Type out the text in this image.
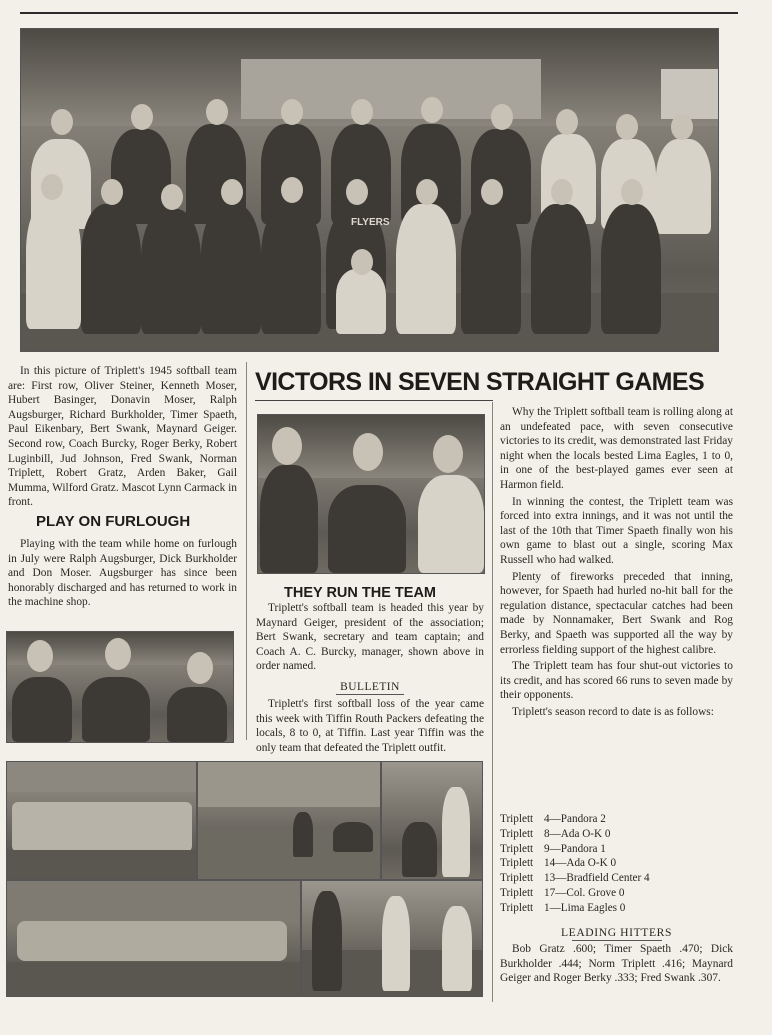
FLYERS

In this picture of Triplett's 1945 softball team are: First row, Oliver Steiner, Kenneth Moser, Hubert Basinger, Donavin Moser, Ralph Augsburger, Richard Burkholder, Timer Spaeth, Paul Eikenbary, Bert Swank, Maynard Geiger. Second row, Coach Burcky, Roger Berky, Robert Luginbill, Jud Johnson, Fred Swank, Norman Triplett, Robert Gratz, Arden Baker, Gail Mumma, Wilford Gratz. Mascot Lynn Carmack in front.

PLAY ON FURLOUGH

Playing with the team while home on furlough in July were Ralph Augsburger, Dick Burkholder and Don Moser. Augsburger has since been honorably discharged and has returned to work in the machine shop.

VICTORS IN SEVEN STRAIGHT GAMES
THEY RUN THE TEAM

Triplett's softball team is headed this year by Maynard Geiger, president of the association; Bert Swank, secretary and team captain; and Coach A. C. Burcky, manager, shown above in order named.

BULLETIN

Triplett's first softball loss of the year came this week with Tiffin Routh Packers defeating the locals, 8 to 0, at Tiffin. Last year Tiffin was the only team that defeated the Triplett outfit.

Why the Triplett softball team is rolling along at an undefeated pace, with seven consecutive victories to its credit, was demonstrated last Friday night when the locals bested Lima Eagles, 1 to 0, in one of the best-played games ever seen at Harmon field.

In winning the contest, the Triplett team was forced into extra innings, and it was not until the last of the 10th that Timer Spaeth finally won his own game to blast out a single, scoring Max Russell who had walked.

Plenty of fireworks preceded that inning, however, for Spaeth had hurled no-hit ball for the regulation distance, spectacular catches had been made by Nonnamaker, Bert Swank and Rog Berky, and Spaeth was supported all the way by errorless fielding support of the highest calibre.

The Triplett team has four shut-out victories to its credit, and has scored 66 runs to seven made by their opponents.

Triplett's season record to date is as follows:

Triplett 4—Pandora 2
Triplett 8—Ada O-K 0
Triplett 9—Pandora 1
Triplett 14—Ada O-K 0
Triplett 13—Bradfield Center 4
Triplett 17—Col. Grove 0
Triplett 1—Lima Eagles 0
LEADING HITTERS

Bob Gratz .600; Timer Spaeth .470; Dick Burkholder .444; Norm Triplett .416; Maynard Geiger and Roger Berky .333; Fred Swank .307.
